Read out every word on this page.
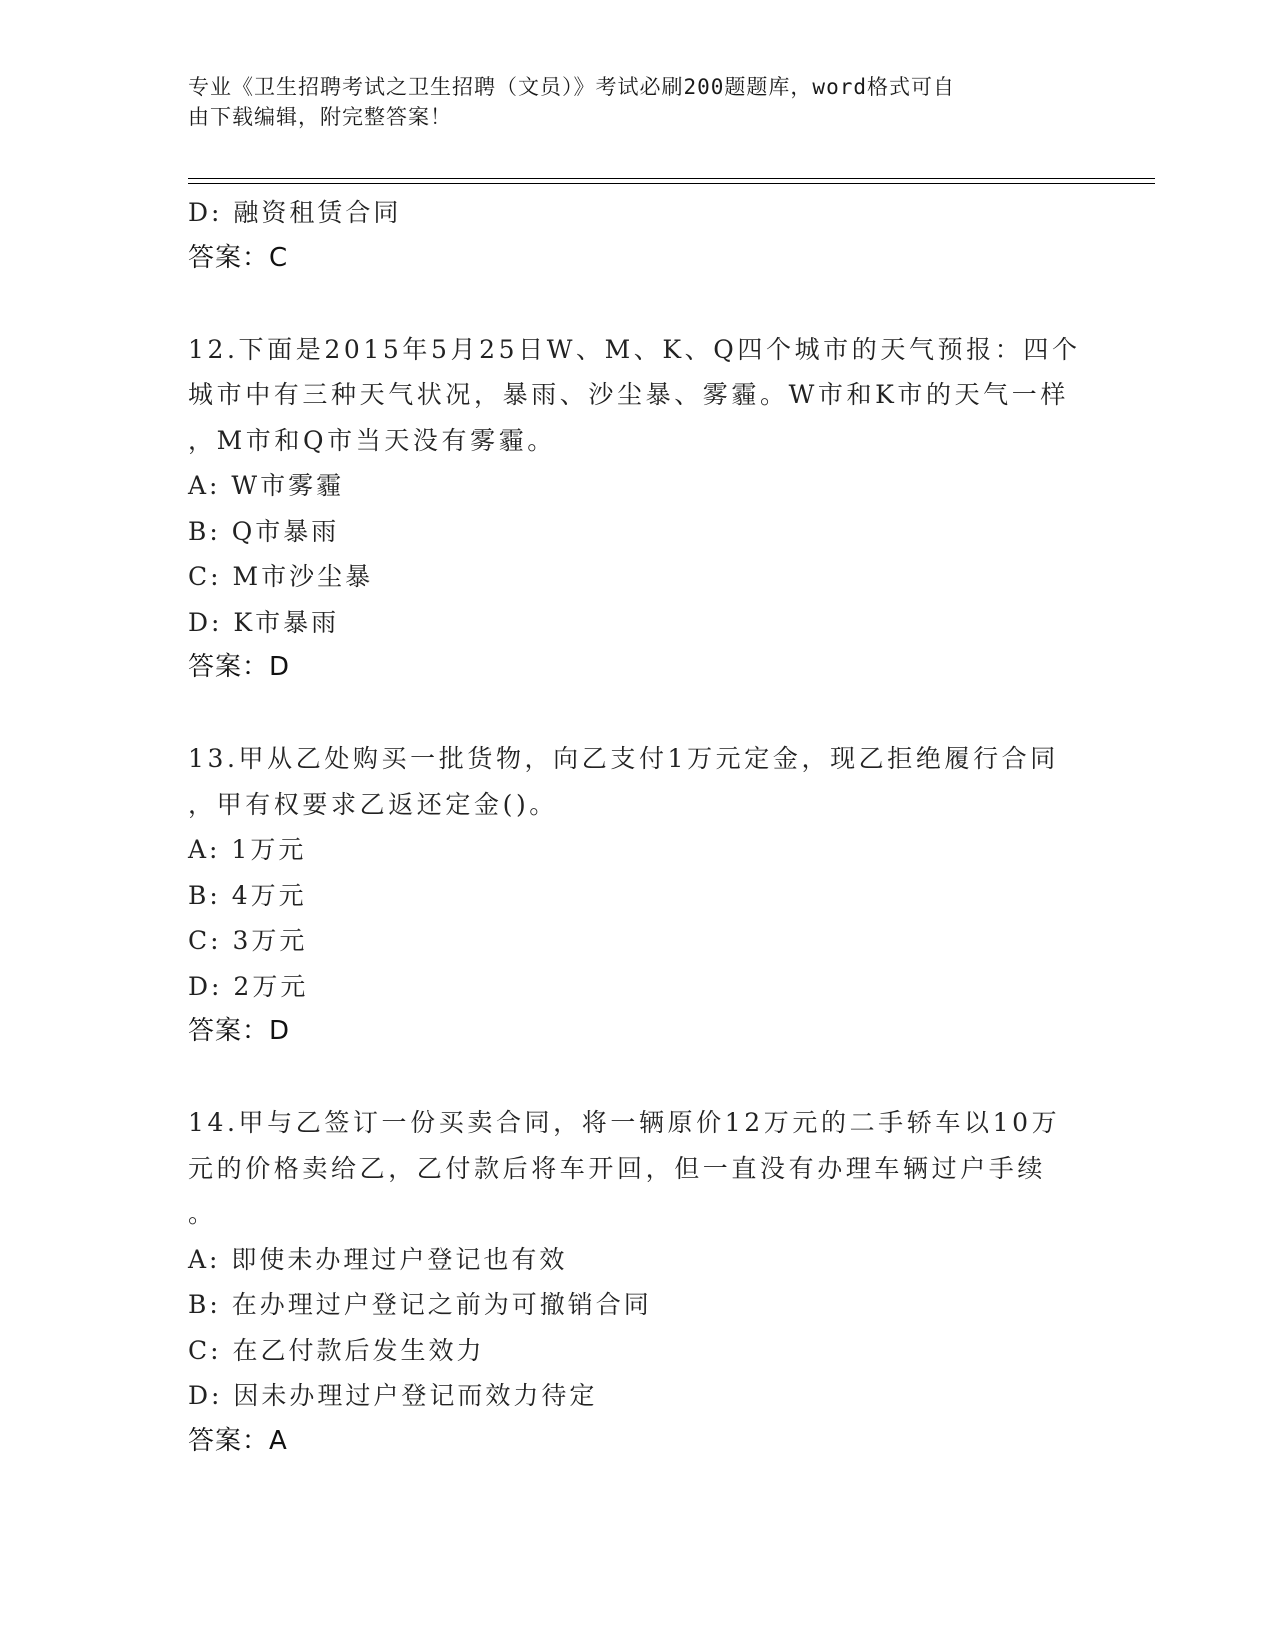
专业《卫生招聘考试之卫生招聘（文员）》考试必刷200题题库，word格式可自
由下载编辑，附完整答案！
D: 融资租赁合同
答案：C
12.下面是2015年5月25日W、M、K、Q四个城市的天气预报：四个
城市中有三种天气状况，暴雨、沙尘暴、雾霾。W市和K市的天气一样
，M市和Q市当天没有雾霾。
A: W市雾霾
B: Q市暴雨
C: M市沙尘暴
D: K市暴雨
答案：D
13.甲从乙处购买一批货物，向乙支付1万元定金，现乙拒绝履行合同
，甲有权要求乙返还定金()。
A: 1万元
B: 4万元
C: 3万元
D: 2万元
答案：D
14.甲与乙签订一份买卖合同，将一辆原价12万元的二手轿车以10万
元的价格卖给乙，乙付款后将车开回，但一直没有办理车辆过户手续
。
A: 即使未办理过户登记也有效
B: 在办理过户登记之前为可撤销合同
C: 在乙付款后发生效力
D: 因未办理过户登记而效力待定
答案：A
